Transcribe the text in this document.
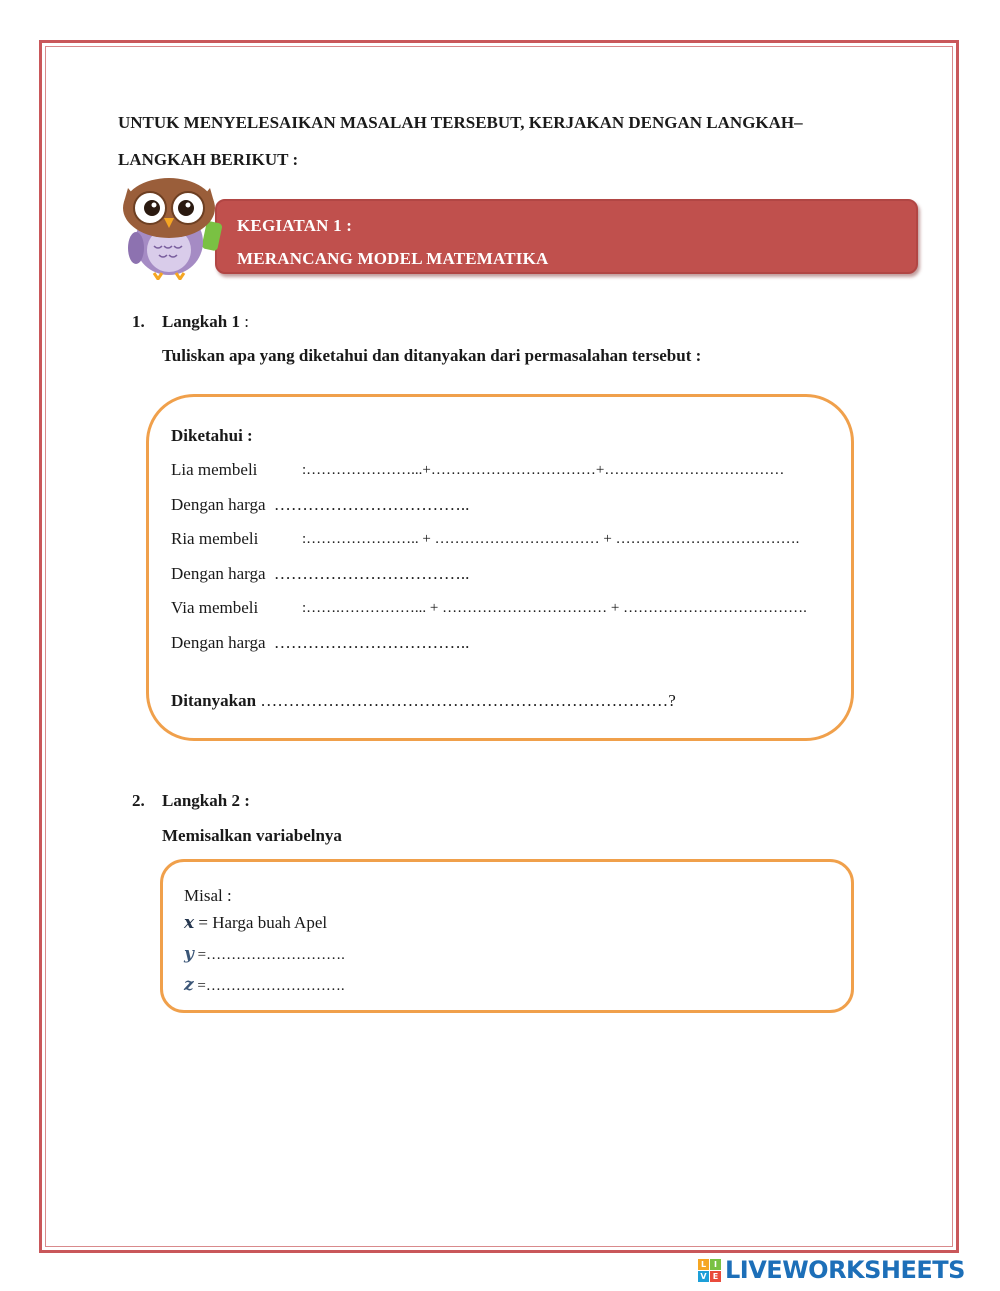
UNTUK MENYELESAIKAN MASALAH TERSEBUT, KERJAKAN DENGAN LANGKAH–
LANGKAH BERIKUT :
KEGIATAN 1 :
MERANCANG MODEL MATEMATIKA
1. Langkah 1 :
Tuliskan apa yang diketahui dan ditanyakan dari permasalahan tersebut :
Diketahui :
Lia membeli	:…………………...+……………………………+………………………………
Dengan harga ……………………………..
Ria membeli	:………………….. + …………………………… + ……………………………….
Dengan harga ……………………………..
Via membeli	:…….……………... + …………………………… + ……………………………….
Dengan harga ……………………………..
Ditanyakan ………………………………………………………………?
2. Langkah 2 :
Memisalkan variabelnya
Misal :
x = Harga buah Apel
y =……………………….
z =……………………….
L I
V E LIVEWORKSHEETS
